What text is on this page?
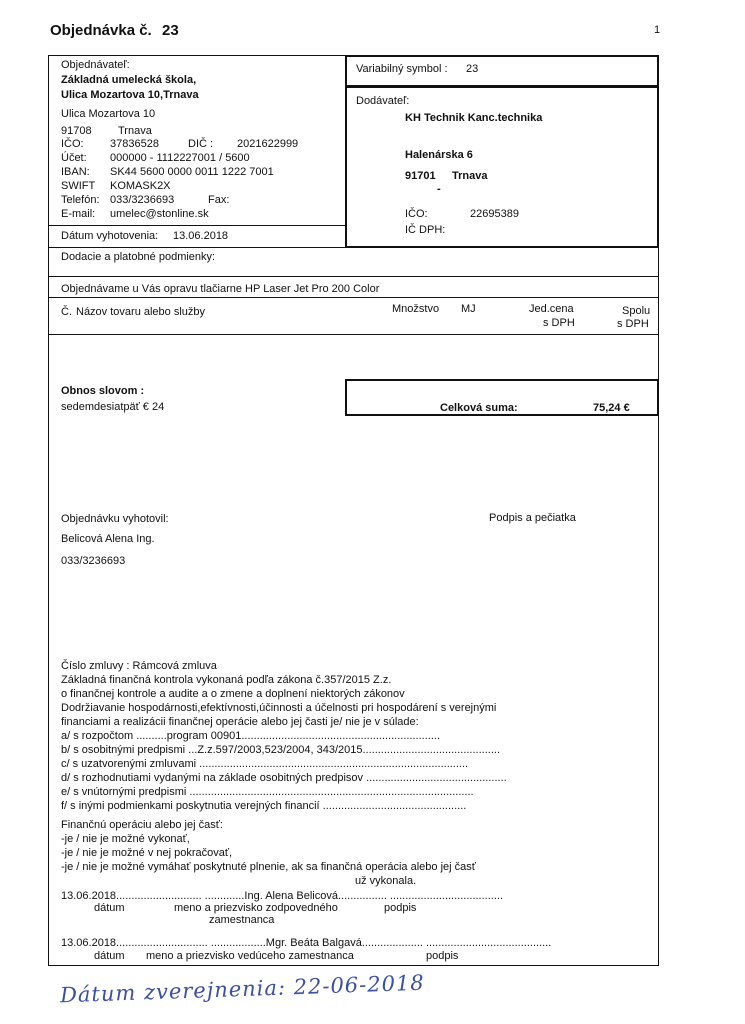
Objednávka č. 23	1
Objednávateľ:
Základná umelecká škola,
Ulica Mozartova 10,Trnava
Ulica Mozartova 10
91708 Trnava
IČO: 37836528	DIČ : 2021622999
Účet: 000000 - 1112227001 / 5600
IBAN: SK44 5600 0000 0011 1222 7001
SWIFT KOMASK2X
Telefón: 033/3236693	Fax:
E-mail: umelec@stonline.sk
Dátum vyhotovenia: 13.06.2018
Variabilný symbol : 23
Dodávateľ:
KH Technik Kanc.technika
Halenárska 6
91701 Trnava
-
IČO:	22695389
IČ DPH:
Dodacie a platobné podmienky:
Objednávame u Vás opravu tlačiarne HP Laser Jet Pro 200 Color
Č. Názov tovaru alebo služby	Množstvo MJ	Jed.cena
s DPH
Spolu
s DPH
Obnos slovom :
sedemdesiatpäť € 24	Celková suma:	75,24 €
Objednávku vyhotovil:
Belicová Alena Ing.
033/3236693
Podpis a pečiatka
Číslo zmluvy : Rámcová zmluva
Základná finančná kontrola vykonaná podľa zákona č.357/2015 Z.z.
o finančnej kontrole a audite a o zmene a doplnení niektorých zákonov
Dodržiavanie hospodárnosti,efektívnosti,účinnosti a účelnosti pri hospodárení s verejnými
financiami a realizácii finančnej operácie alebo jej časti je/ nie je v súlade:
a/ s rozpočtom ..........program 00901.................................................................
b/ s osobitnými predpismi ...Z.z.597/2003,523/2004, 343/2015.............................................
c/ s uzatvorenými zmluvami ........................................................................................
d/ s rozhodnutiami vydanými na základe osobitných predpisov ..............................................
e/ s vnútornými predpismi .............................................................................................
f/ s inými podmienkami poskytnutia verejných financií ...............................................
Finančnú operáciu alebo jej časť:
-je / nie je možné vykonať,
-je / nie je možné v nej pokračovať,
-je / nie je možné vymáhať poskytnuté plnenie, ak sa finančná operácia alebo jej časť
už vykonala.
13.06.2018............................ .............Ing. Alena Belicová................ .....................................
dátum	meno a priezvisko zodpovedného
zamestnanca
podpis
13.06.2018.............................. ..................Mgr. Beáta Balgavá.................... .........................................
dátum meno a priezvisko vedúceho zamestnanca	podpis
Dátum zverejnenia: 22-06-2018
